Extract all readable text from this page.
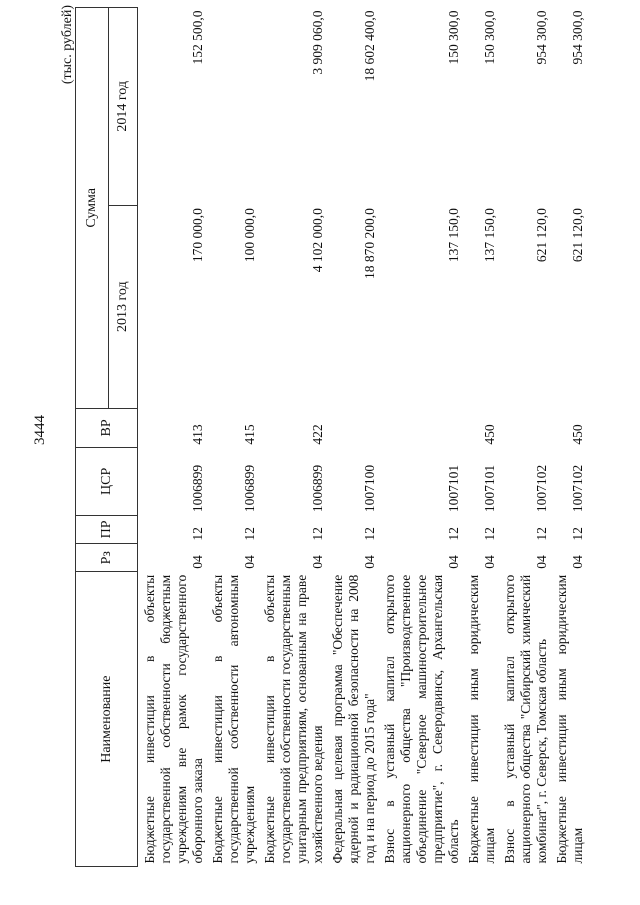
3444
(тыс. рублей)
Наименование	Рз	ПР	ЦСР	ВР	Сумма	
					2013 год	2014 год
Бюджетные инвестиции в объекты государственной собственности бюджетным учреждениям вне рамок государственного оборонного заказа	04	12	1006899	413	170 000,0	152 500,0
Бюджетные инвестиции в объекты государственной собственности автономным учреждениям	04	12	1006899	415	100 000,0	
Бюджетные инвестиции в объекты государственной собственности государственным унитарным предприятиям, основанным на праве хозяйственного ведения	04	12	1006899	422	4 102 000,0	3 909 060,0
Федеральная целевая программа "Обеспечение ядерной и радиационной безопасности на 2008 год и на период до 2015 года"	04	12	1007100		18 870 200,0	18 602 400,0
Взнос в уставный капитал открытого акционерного общества "Производственное объединение "Северное машиностроительное предприятие", г. Северодвинск, Архангельская область	04	12	1007101		137 150,0	150 300,0
Бюджетные инвестиции иным юридическим лицам	04	12	1007101	450	137 150,0	150 300,0
Взнос в уставный капитал открытого акционерного общества "Сибирский химический комбинат", г. Северск, Томская область	04	12	1007102		621 120,0	954 300,0
Бюджетные инвестиции иным юридическим лицам	04	12	1007102	450	621 120,0	954 300,0
